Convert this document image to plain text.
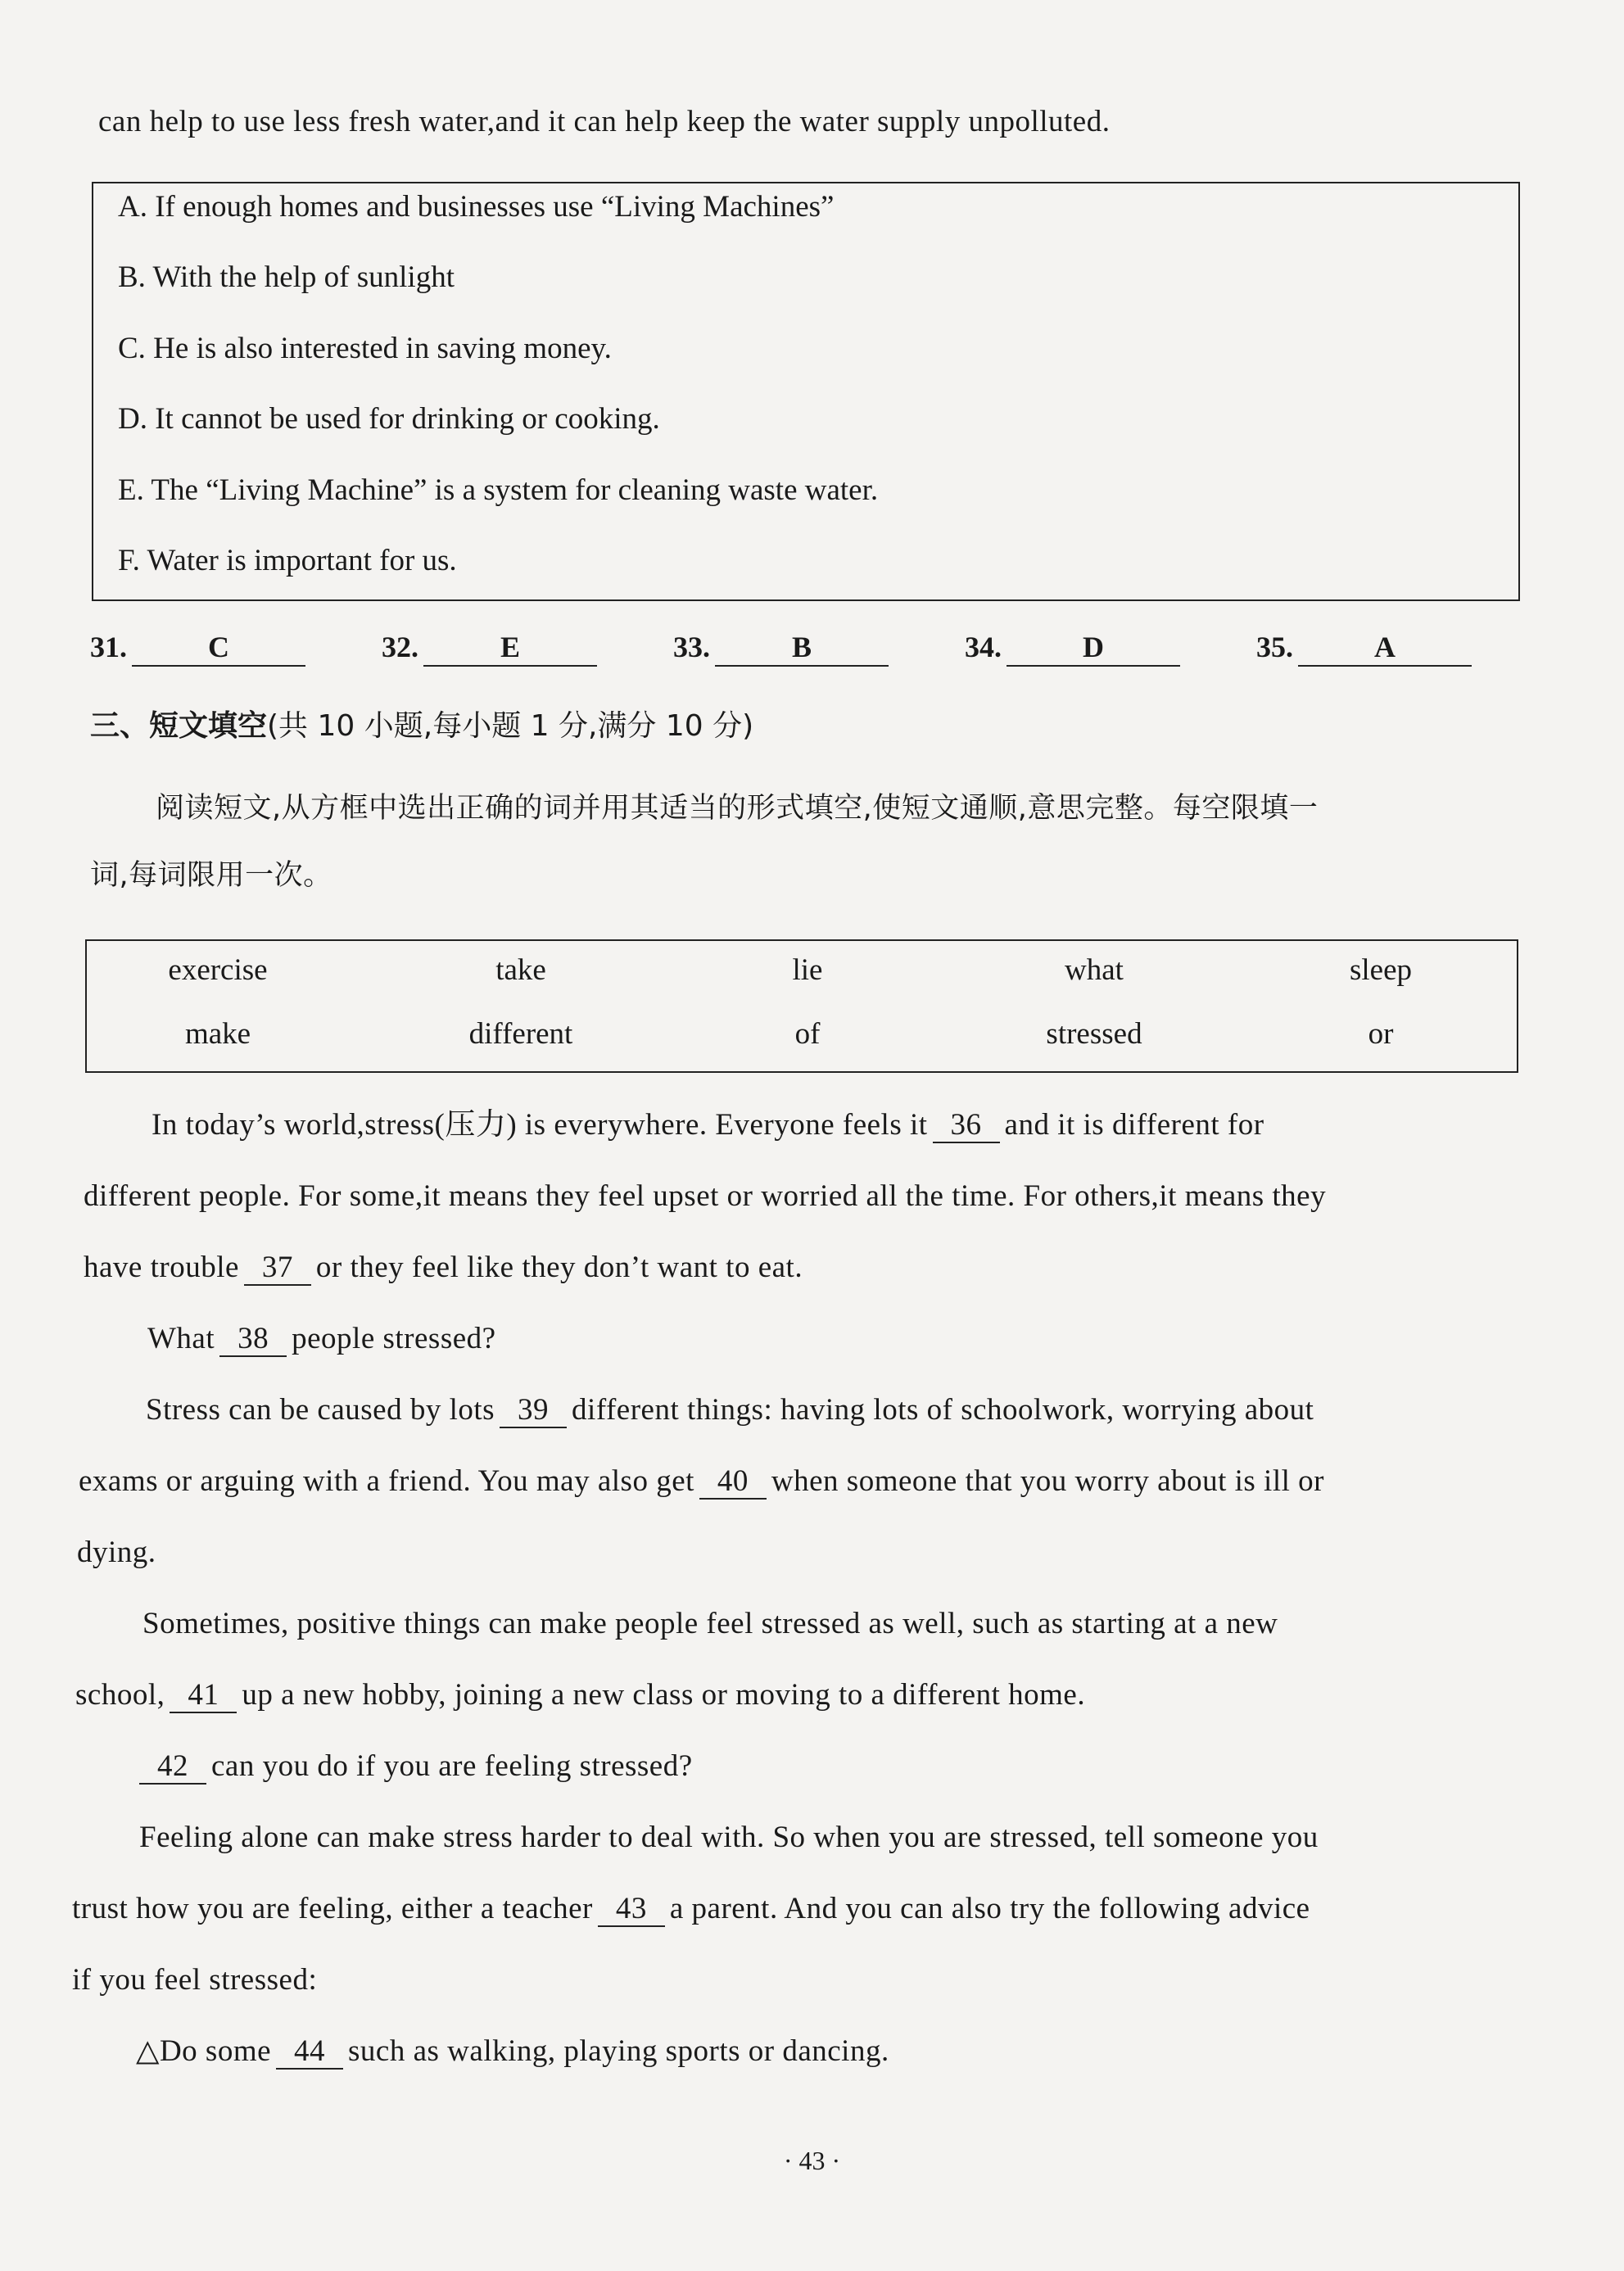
can help to use less fresh water,and it can help keep the water supply unpolluted.
A. If enough homes and businesses use “Living Machines”
B. With the help of sunlight
C. He is also interested in saving money.
D. It cannot be used for drinking or cooking.
E. The “Living Machine” is a system for cleaning waste water.
F. Water is important for us.
31.	C	32.	E	33.	B	34.	D	35.	A
三、短文填空(共 10 小题,每小题 1 分,满分 10 分)
阅读短文,从方框中选出正确的词并用其适当的形式填空,使短文通顺,意思完整。每空限填一
词,每词限用一次。
exercise	take	lie	what	sleep
make	different	of	stressed	or
In today’s world,stress(压力) is everywhere. Everyone feels it 36 and it is different for
different people. For some,it means they feel upset or worried all the time. For others,it means they
have trouble 37 or they feel like they don’t want to eat.
What 38 people stressed?
Stress can be caused by lots 39 different things: having lots of schoolwork, worrying about
exams or arguing with a friend. You may also get 40 when someone that you worry about is ill or
dying.
Sometimes, positive things can make people feel stressed as well, such as starting at a new
school, 41 up a new hobby, joining a new class or moving to a different home.
42 can you do if you are feeling stressed?
Feeling alone can make stress harder to deal with. So when you are stressed, tell someone you
trust how you are feeling, either a teacher 43 a parent. And you can also try the following advice
if you feel stressed:
△Do some 44 such as walking, playing sports or dancing.
· 43 ·
